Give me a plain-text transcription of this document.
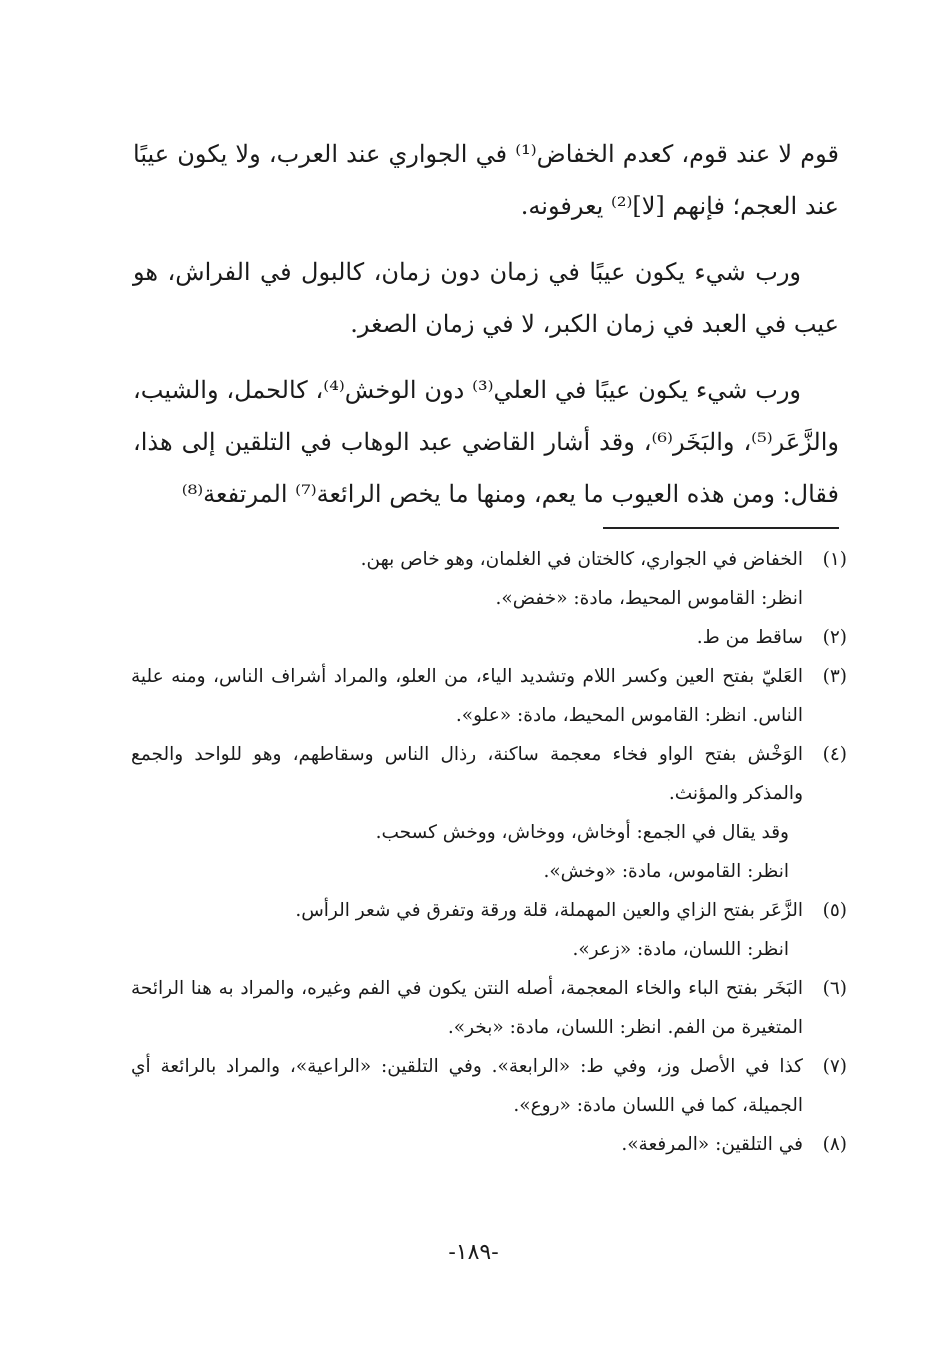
قوم لا عند قوم، كعدم الخفاض⁽¹⁾ في الجواري عند العرب، ولا يكون عيبًا عند العجم؛ فإنهم [لا]⁽²⁾ يعرفونه.

ورب شيء يكون عيبًا في زمان دون زمان، كالبول في الفراش، هو عيب في العبد في زمان الكبر، لا في زمان الصغر.

ورب شيء يكون عيبًا في العلي⁽³⁾ دون الوخش⁽⁴⁾، كالحمل، والشيب، والزَّعَر⁽⁵⁾، والبَخَر⁽⁶⁾، وقد أشار القاضي عبد الوهاب في التلقين إلى هذا، فقال: ومن هذه العيوب ما يعم، ومنها ما يخص الرائعة⁽⁷⁾ المرتفعة⁽⁸⁾

(١)
الخفاض في الجواري، كالختان في الغلمان، وهو خاص بهن.
انظر: القاموس المحيط، مادة: «خفض».
(٢)
ساقط من ط.
(٣)
العَليّ بفتح العين وكسر اللام وتشديد الياء، من العلو، والمراد أشراف الناس، ومنه علية الناس. انظر: القاموس المحيط، مادة: «علو».
(٤)
الوَخْش بفتح الواو فخاء معجمة ساكنة، رذال الناس وسقاطهم، وهو للواحد والجمع والمذكر والمؤنث.
وقد يقال في الجمع: أوخاش، ووخاش، ووخش كسحب.
انظر: القاموس، مادة: «وخش».
(٥)
الزَّعَر بفتح الزاي والعين المهملة، قلة ورقة وتفرق في شعر الرأس.
انظر: اللسان، مادة: «زعر».
(٦)
البَخَر بفتح الباء والخاء المعجمة، أصله النتن يكون في الفم وغيره، والمراد به هنا الرائحة المتغيرة من الفم. انظر: اللسان، مادة: «بخر».
(٧)
كذا في الأصل وز، وفي ط: «الرابعة». وفي التلقين: «الراعية»، والمراد بالرائعة أي الجميلة، كما في اللسان مادة: «روع».
(٨)
في التلقين: «المرفعة».
-١٨٩-
